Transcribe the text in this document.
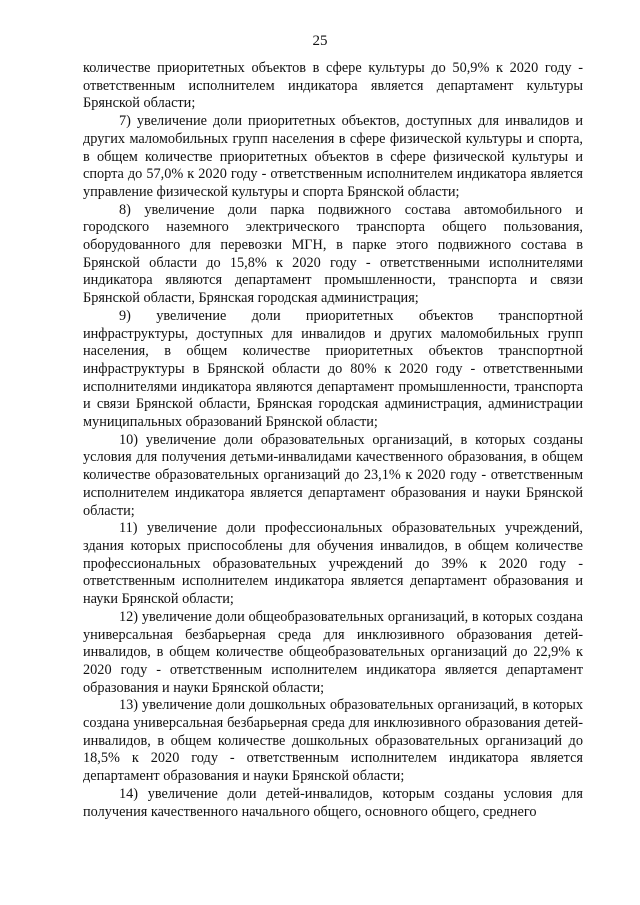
25

количестве приоритетных объектов в сфере культуры до 50,9% к 2020 году - ответственным исполнителем индикатора является департамент культуры Брянской области;

7) увеличение доли приоритетных объектов, доступных для инвалидов и других маломобильных групп населения в сфере физической культуры и спорта, в общем количестве приоритетных объектов в сфере физической культуры и спорта до 57,0% к 2020 году - ответственным исполнителем индикатора является управление физической культуры и спорта Брянской области;

8) увеличение доли парка подвижного состава автомобильного и городского наземного электрического транспорта общего пользования, оборудованного для перевозки МГН, в парке этого подвижного состава в Брянской области до 15,8% к 2020 году - ответственными исполнителями индикатора являются департамент промышленности, транспорта и связи Брянской области, Брянская городская администрация;

9) увеличение доли приоритетных объектов транспортной инфраструктуры, доступных для инвалидов и других маломобильных групп населения, в общем количестве приоритетных объектов транспортной инфраструктуры в Брянской области до 80% к 2020 году - ответственными исполнителями индикатора являются департамент промышленности, транспорта и связи Брянской области, Брянская городская администрация, администрации муниципальных образований Брянской области;

10) увеличение доли образовательных организаций, в которых созданы условия для получения детьми-инвалидами качественного образования, в общем количестве образовательных организаций до 23,1% к 2020 году - ответственным исполнителем индикатора является департамент образования и науки Брянской области;

11) увеличение доли профессиональных образовательных учреждений, здания которых приспособлены для обучения инвалидов, в общем количестве профессиональных образовательных учреждений до 39% к 2020 году - ответственным исполнителем индикатора является департамент образования и науки Брянской области;

12) увеличение доли общеобразовательных организаций, в которых создана универсальная безбарьерная среда для инклюзивного образования детей-инвалидов, в общем количестве общеобразовательных организаций до 22,9% к 2020 году - ответственным исполнителем индикатора является департамент образования и науки Брянской области;

13) увеличение доли дошкольных образовательных организаций, в которых создана универсальная безбарьерная среда для инклюзивного образования детей-инвалидов, в общем количестве дошкольных образовательных организаций до 18,5% к 2020 году - ответственным исполнителем индикатора является департамент образования и науки Брянской области;

14) увеличение доли детей-инвалидов, которым созданы условия для получения качественного начального общего, основного общего, среднего
